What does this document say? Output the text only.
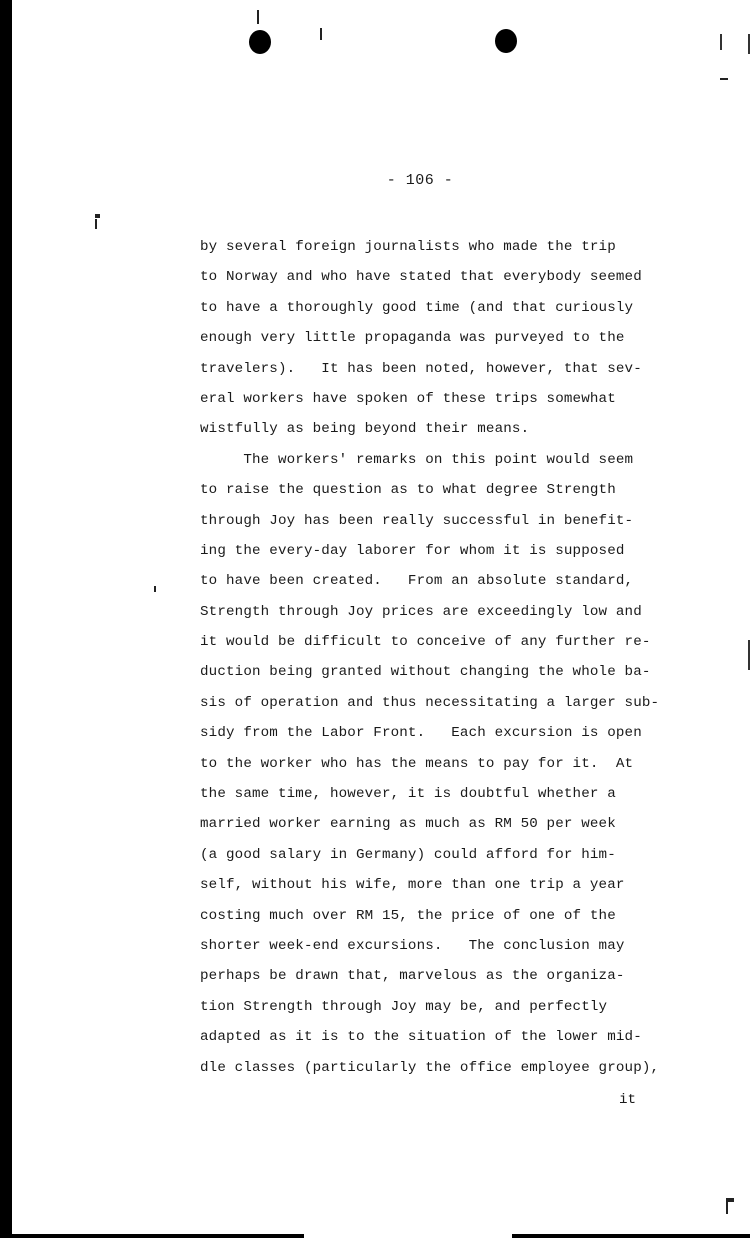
- 106 -
by several foreign journalists who made the trip
to Norway and who have stated that everybody seemed
to have a thoroughly good time (and that curiously
enough very little propaganda was purveyed to the
travelers).   It has been noted, however, that sev-
eral workers have spoken of these trips somewhat
wistfully as being beyond their means.
The workers' remarks on this point would seem
to raise the question as to what degree Strength
through Joy has been really successful in benefit-
ing the every-day laborer for whom it is supposed
to have been created.   From an absolute standard,
Strength through Joy prices are exceedingly low and
it would be difficult to conceive of any further re-
duction being granted without changing the whole ba-
sis of operation and thus necessitating a larger sub-
sidy from the Labor Front.   Each excursion is open
to the worker who has the means to pay for it.  At
the same time, however, it is doubtful whether a
married worker earning as much as RM 50 per week
(a good salary in Germany) could afford for him-
self, without his wife, more than one trip a year
costing much over RM 15, the price of one of the
shorter week-end excursions.   The conclusion may
perhaps be drawn that, marvelous as the organiza-
tion Strength through Joy may be, and perfectly
adapted as it is to the situation of the lower mid-
dle classes (particularly the office employee group),
it
